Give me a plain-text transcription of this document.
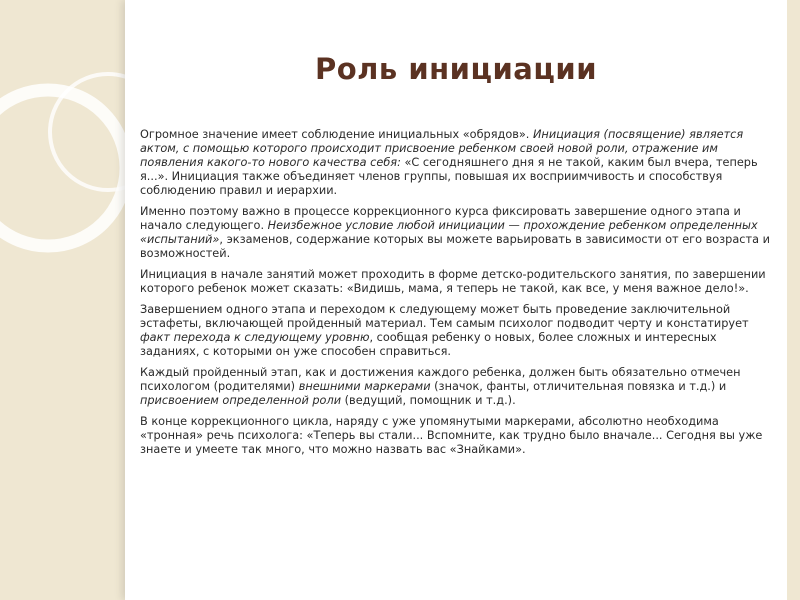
Роль инициации

Огромное значение имеет соблюдение инициальных «обрядов». Инициация (посвящение) является актом, с помощью которого происходит присвоение ребенком своей новой роли, отражение им появления какого-то нового качества себя: «С сегодняшнего дня я не такой, каким был вчера, теперь я...». Инициация также объединяет членов группы, повышая их восприимчивость и способствуя соблюдению правил и иерархии.

Именно поэтому важно в процессе коррекционного курса фиксировать завершение одного этапа и начало следующего. Неизбежное условие любой инициации — прохождение ребенком определенных «испытаний», экзаменов, содержание которых вы можете варьировать в зависимости от его возраста и возможностей.

Инициация в начале занятий может проходить в форме детско-родительского занятия, по завершении которого ребенок может сказать: «Видишь, мама, я теперь не такой, как все, у меня важное дело!».

Завершением одного этапа и переходом к следующему может быть проведение заключительной эстафеты, включающей пройденный материал. Тем самым психолог подводит черту и констатирует факт перехода к следующему уровню, сообщая ребенку о новых, более сложных и интересных заданиях, с которыми он уже способен справиться.

Каждый пройденный этап, как и достижения каждого ребенка, должен быть обязательно отмечен психологом (родителями) внешними маркерами (значок, фанты, отличительная повязка и т.д.) и присвоением определенной роли (ведущий, помощник и т.д.).

В конце коррекционного цикла, наряду с уже упомянутыми маркерами, абсолютно необходима «тронная» речь психолога: «Теперь вы стали... Вспомните, как трудно было вначале... Сегодня вы уже знаете и умеете так много, что можно назвать вас «Знайками».
